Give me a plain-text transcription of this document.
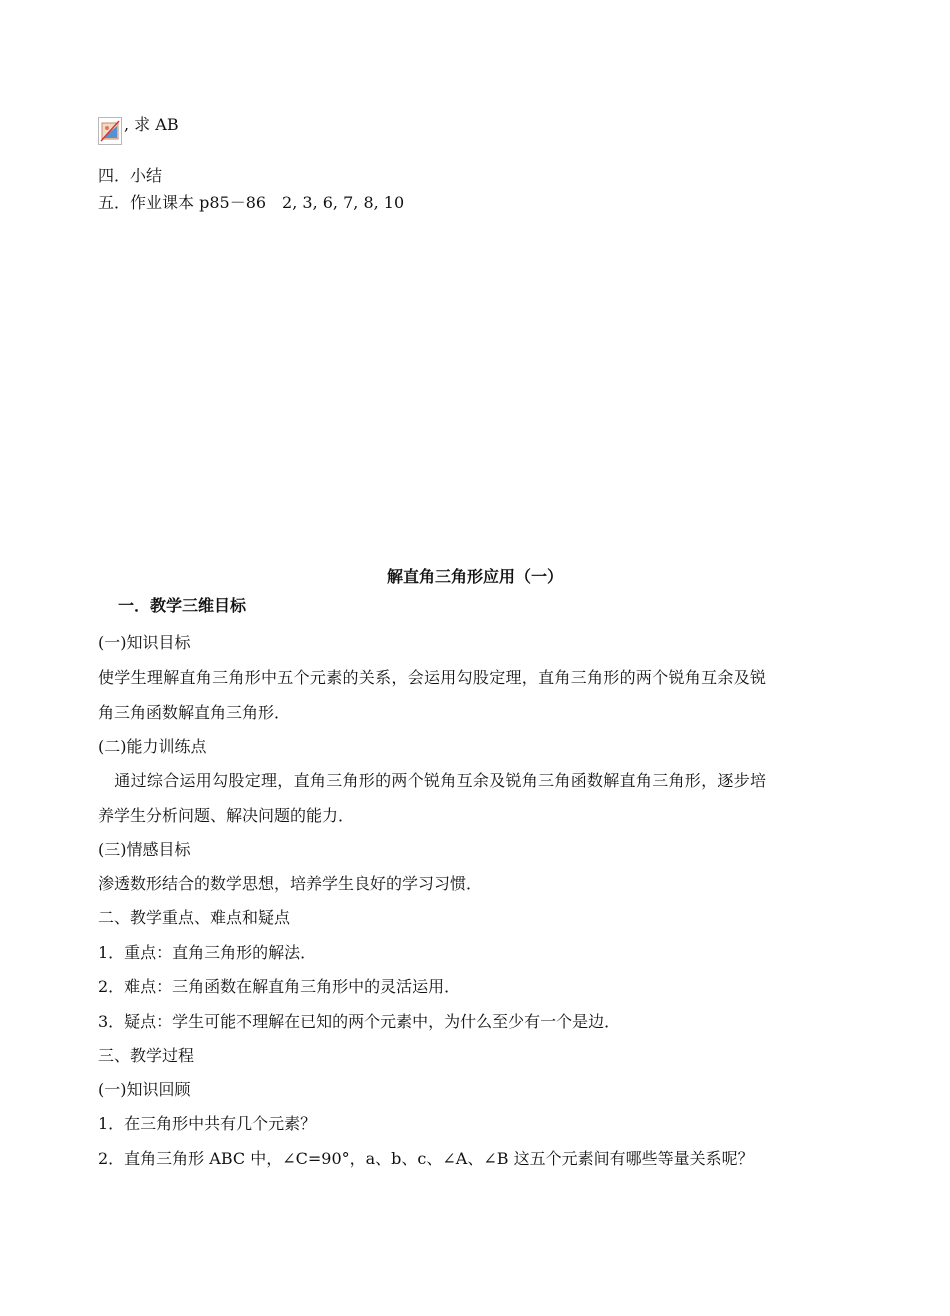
, 求 AB
四．小结
五．作业课本 p85－86　2, 3, 6, 7, 8, 10
解直角三角形应用（一）
一．教学三维目标
(一)知识目标
使学生理解直角三角形中五个元素的关系，会运用勾股定理，直角三角形的两个锐角互余及锐
角三角函数解直角三角形．
(二)能力训练点
　通过综合运用勾股定理，直角三角形的两个锐角互余及锐角三角函数解直角三角形，逐步培
养学生分析问题、解决问题的能力．
(三)情感目标
渗透数形结合的数学思想，培养学生良好的学习习惯．
二、教学重点、难点和疑点
1．重点：直角三角形的解法．
2．难点：三角函数在解直角三角形中的灵活运用．
3．疑点：学生可能不理解在已知的两个元素中，为什么至少有一个是边．
三、教学过程
(一)知识回顾
1．在三角形中共有几个元素？
2．直角三角形 ABC 中，∠C=90°，a、b、c、∠A、∠B 这五个元素间有哪些等量关系呢？
